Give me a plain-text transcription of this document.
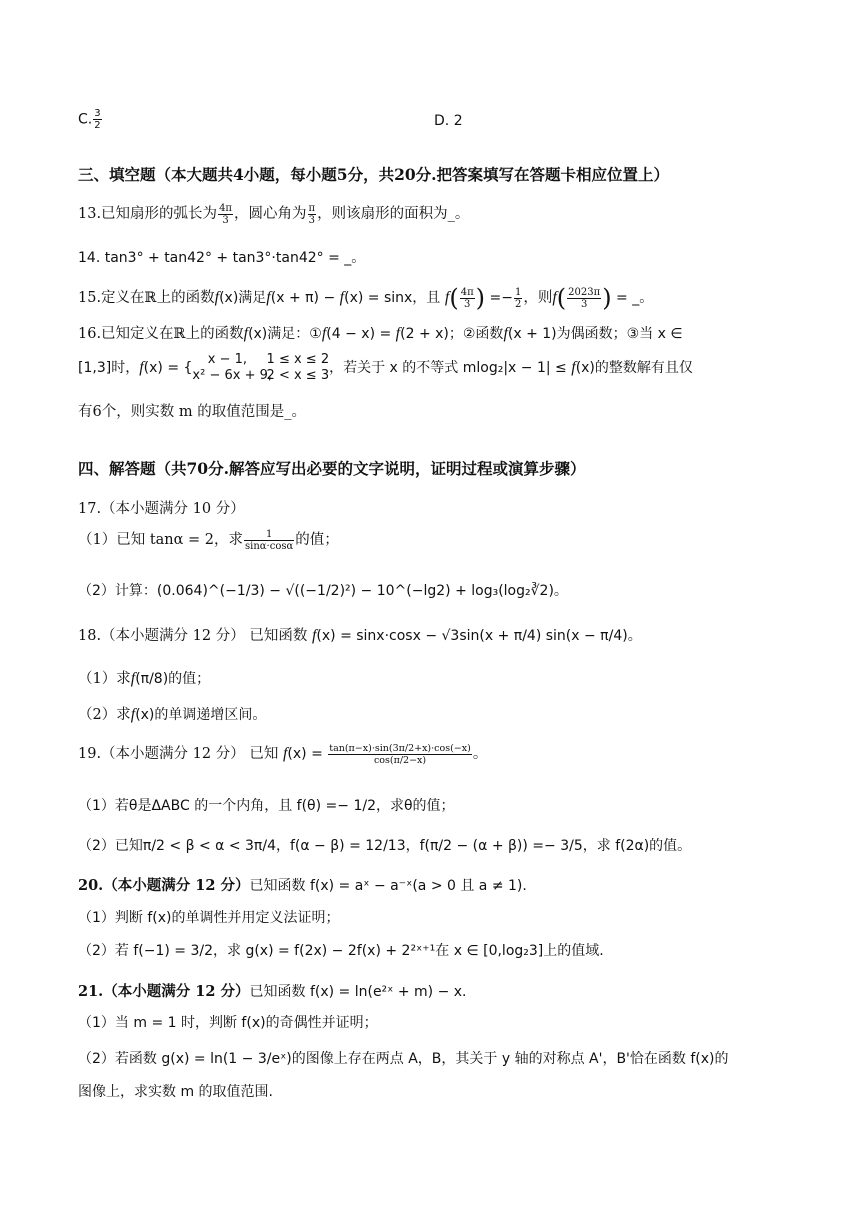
C. $\frac{3}{2}$	D. 2
三、填空题（本大题共4小题，每小题5分，共20分.把答案填写在答题卡相应位置上）
13.已知扇形的弧长为 $\frac{4\pi}{3}$ ，圆心角为 $\frac{\pi}{3}$ ，则该扇形的面积为_。
14. tan3° + tan42° + tan3°·tan42° = _。
15.定义在ℝ上的函数f(x)满足f(x + π) − f(x) = sinx，且 $f( \frac{4\pi}{3}$ ) =− $\frac{1}{2}$ ，则$f( \frac{2023\pi}{3}$ ) = _。
16.已知定义在ℝ上的函数f(x)满足：①f(4 − x) = f(2 + x)；②函数f(x + 1)为偶函数；③当 x ∈
[1,3]时，f(x) = {
x − 1, 1 ≤ x ≤ 2
x² − 6x + 9, 2 < x ≤ 3 ，若关于 x 的不等式 mlog₂|x − 1| ≤ f(x)的整数解有且仅
有6个，则实数 m 的取值范围是_。
四、解答题（共70分.解答应写出必要的文字说明，证明过程或演算步骤）
17.（本小题满分 10 分）
（1）已知 tanα = 2，求 $\frac{1}{\sin\alpha\cdot\cos\alpha}$ 的值；
（2）计算：(0.064)^(−1/3) − √((−1/2)²) − 10^(−lg2) + log₃(log₂∛2)。
18.（本小题满分 12 分） 已知函数 f(x) = sinx·cosx − √3sin(x + π/4) sin(x − π/4)。
（1）求f(π/8)的值；
（2）求f(x)的单调递增区间。
19.（本小题满分 12 分） 已知 $f(x) = \frac{\tan(\pi-x)\cdot\sin(3\pi/2+x)\cdot\cos(-x)}{\cos(\pi/2-x)}$ 。
（1）若θ是ΔABC 的一个内角，且 f(θ) =− 1/2，求θ的值；
（2）已知π/2 < β < α < 3π/4，f(α − β) = 12/13，f(π/2 − (α + β)) =− 3/5，求 f(2α)的值。
20.（本小题满分 12 分）已知函数 f(x) = aˣ − a⁻ˣ(a > 0 且 a ≠ 1).
（1）判断 f(x)的单调性并用定义法证明；
（2）若 f(−1) = 3/2，求 g(x) = f(2x) − 2f(x) + 2²ˣ⁺¹在 x ∈ [0,log₂3]上的值域.
21.（本小题满分 12 分）已知函数 f(x) = ln(e²ˣ + m) − x.
（1）当 m = 1 时，判断 f(x)的奇偶性并证明；
（2）若函数 g(x) = ln(1 − 3/eˣ)的图像上存在两点 A，B，其关于 y 轴的对称点 A'，B'恰在函数 f(x)的
图像上，求实数 m 的取值范围.
